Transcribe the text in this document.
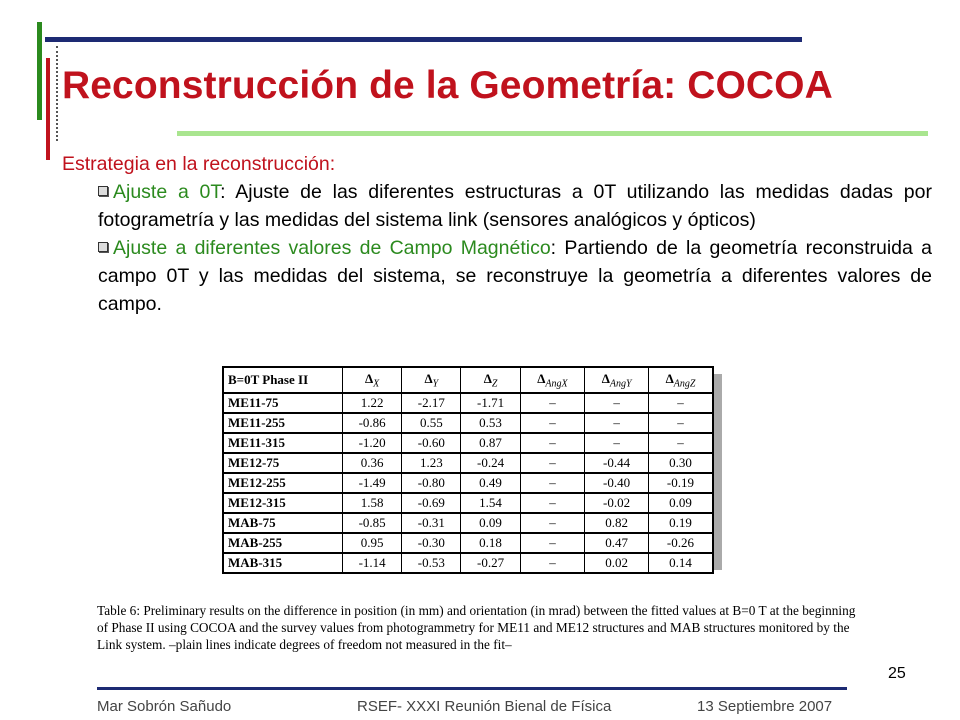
Reconstrucción de la Geometría: COCOA
Estrategia en la reconstrucción:
Ajuste a 0T: Ajuste de las diferentes estructuras a 0T utilizando las medidas dadas por fotogrametría y las medidas del sistema link (sensores analógicos y ópticos)
Ajuste a diferentes valores de Campo Magnético: Partiendo de la geometría reconstruida a campo 0T y las medidas del sistema, se reconstruye la geometría a diferentes valores de campo.
B=0T Phase II	$\Delta_X$	$\Delta_Y$	$\Delta_Z$	$\Delta_{AngX}$	$\Delta_{AngY}$	$\Delta_{AngZ}$
ME11-75	1.22	-2.17	-1.71	–	–	–
ME11-255	-0.86	0.55	0.53	–	–	–
ME11-315	-1.20	-0.60	0.87	–	–	–
ME12-75	0.36	1.23	-0.24	–	-0.44	0.30
ME12-255	-1.49	-0.80	0.49	–	-0.40	-0.19
ME12-315	1.58	-0.69	1.54	–	-0.02	0.09
MAB-75	-0.85	-0.31	0.09	–	0.82	0.19
MAB-255	0.95	-0.30	0.18	–	0.47	-0.26
MAB-315	-1.14	-0.53	-0.27	–	0.02	0.14
Table 6: Preliminary results on the difference in position (in mm) and orientation (in mrad) between the fitted values at B=0 T at the beginning of Phase II using COCOA and the survey values from photogrammetry for ME11 and ME12 structures and MAB structures monitored by the Link system. –plain lines indicate degrees of freedom not measured in the fit–
25
Mar Sobrón Sañudo	RSEF- XXXI Reunión Bienal de Física	13 Septiembre 2007
